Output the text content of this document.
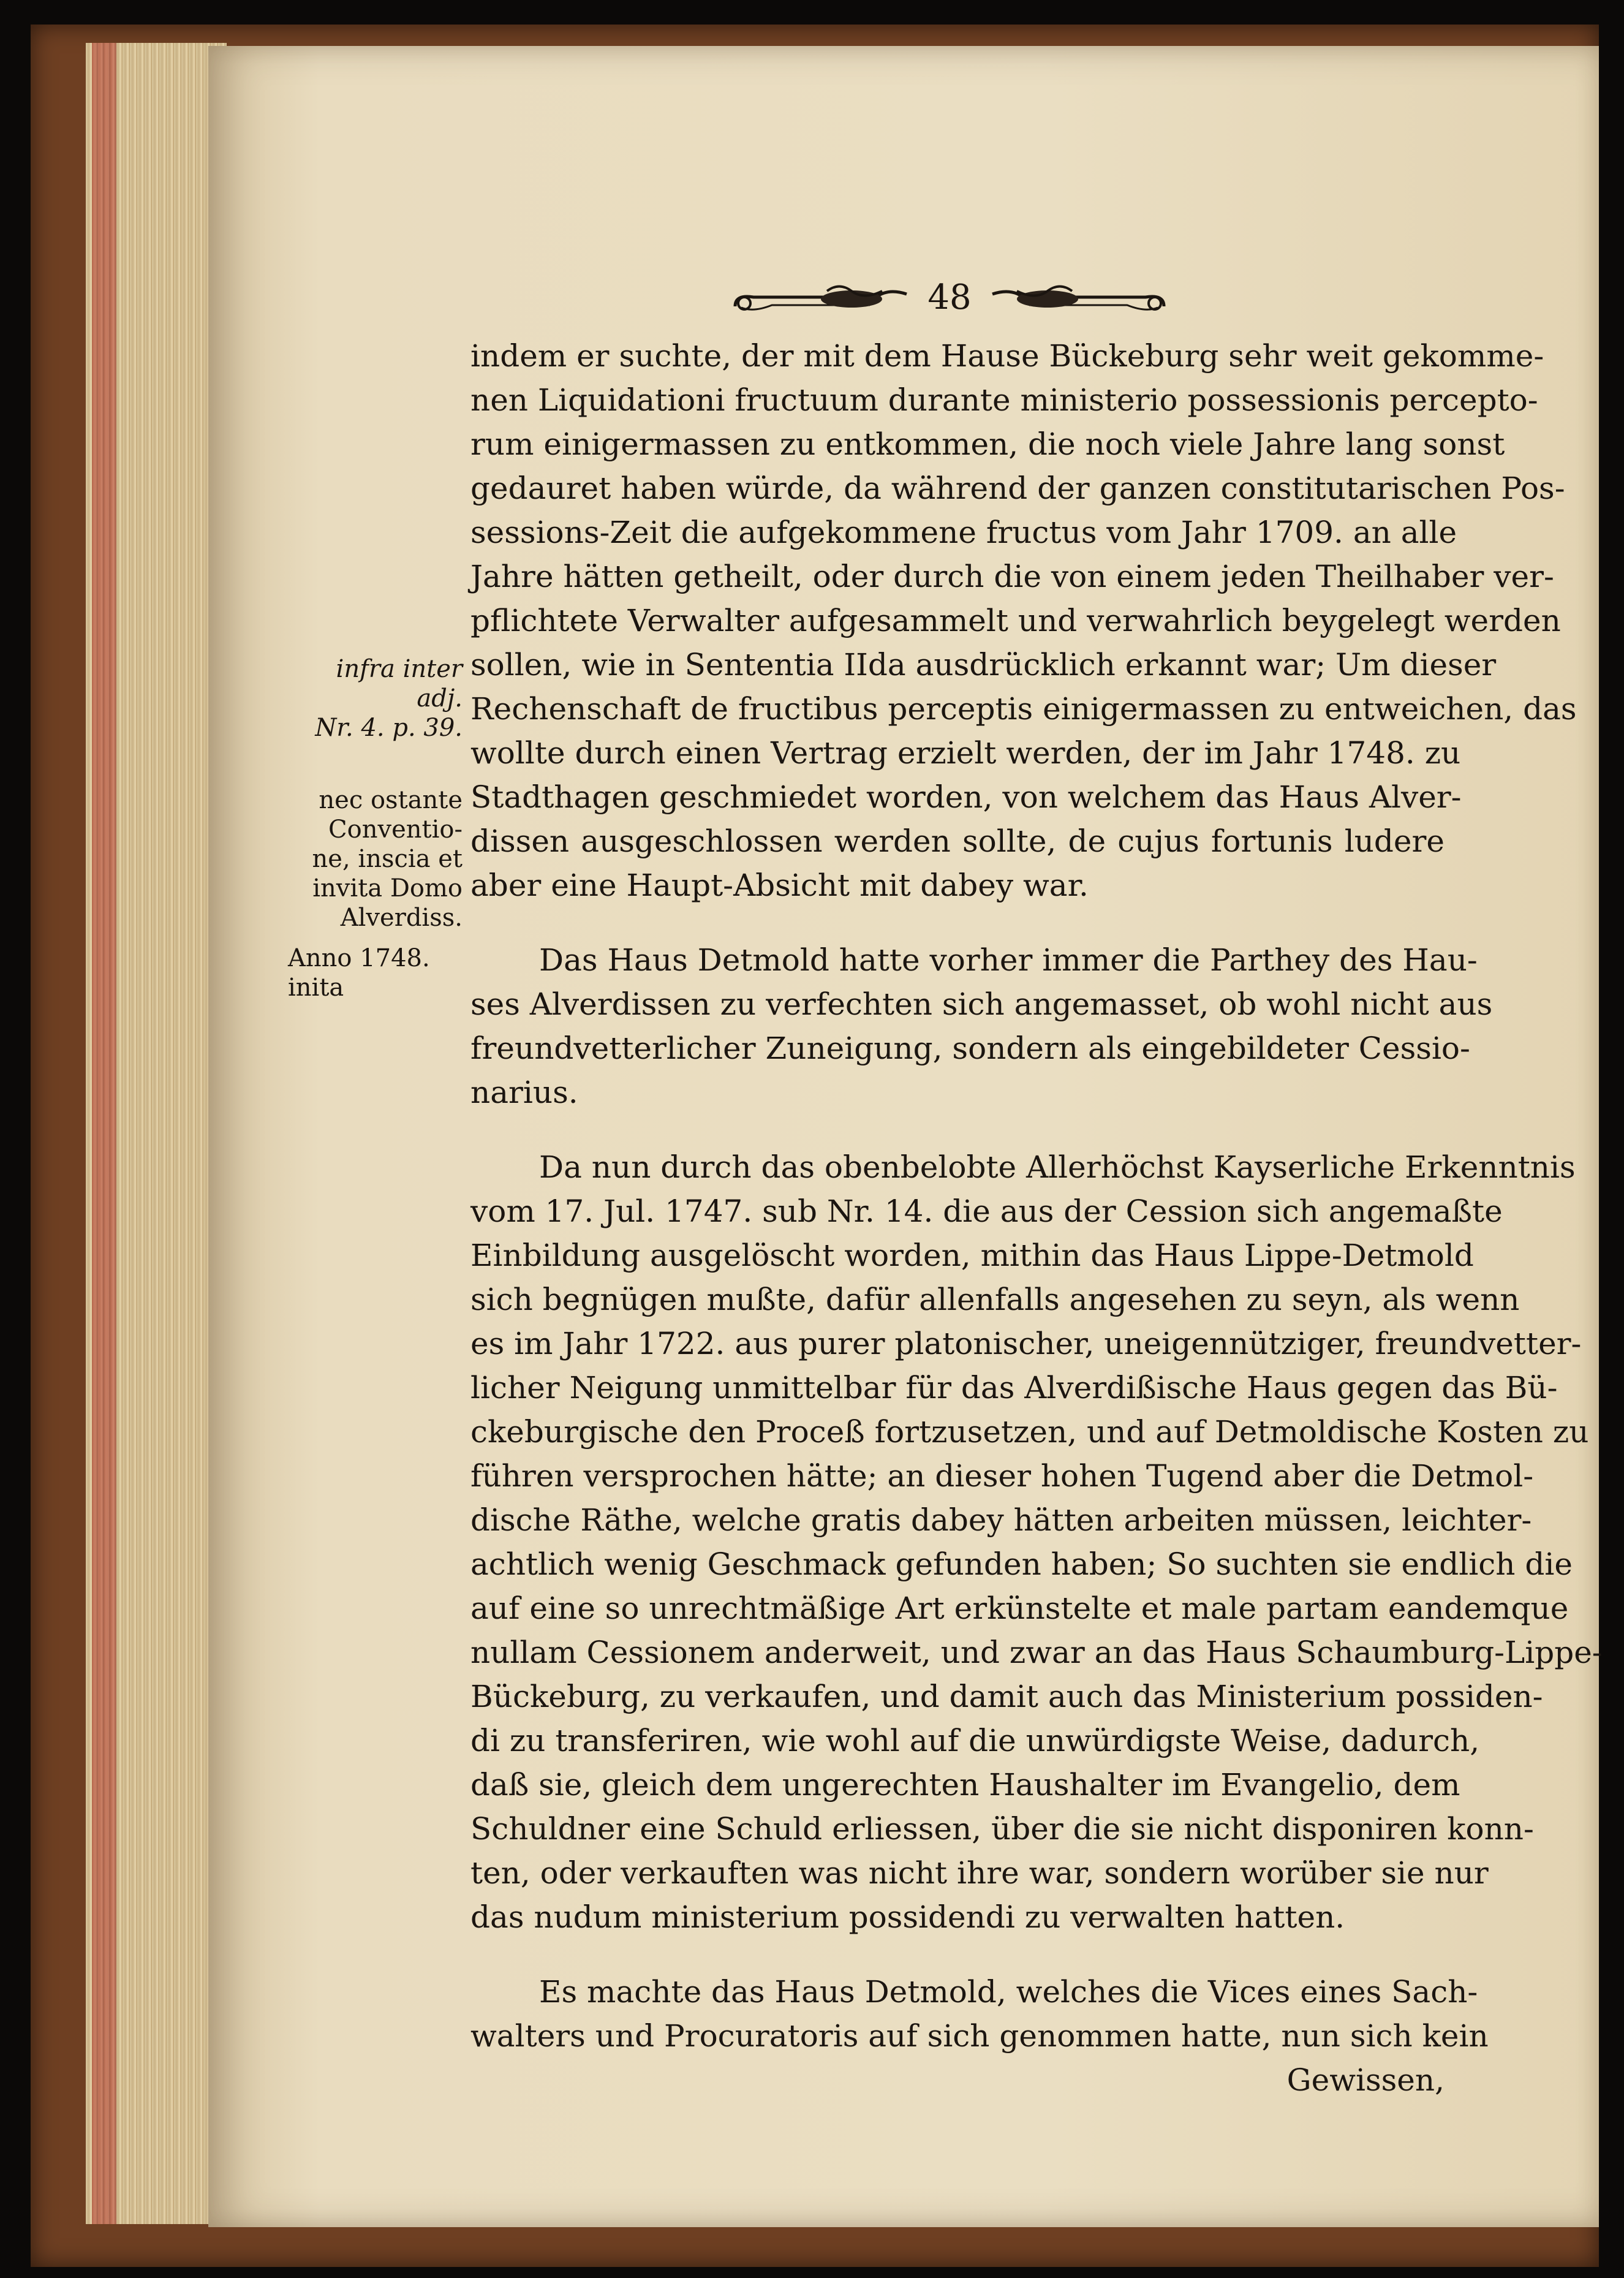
48
infra inter adj.
Nr. 4. p. 39.
nec ostante
Conventio-
ne, inscia et
invita Domo
Alverdiss.
Anno 1748.
inita
indem er suchte, der mit dem Hause Bückeburg sehr weit gekomme-
nen Liquidationi fructuum durante ministerio possessionis percepto-
rum einigermassen zu entkommen, die noch viele Jahre lang sonst
gedauret haben würde, da während der ganzen constitutarischen Pos-
sessions-Zeit die aufgekommene fructus vom Jahr 1709. an alle
Jahre hätten getheilt, oder durch die von einem jeden Theilhaber ver-
pflichtete Verwalter aufgesammelt und verwahrlich beygelegt werden
sollen, wie in Sententia IIda ausdrücklich erkannt war; Um dieser
Rechenschaft de fructibus perceptis einigermassen zu entweichen, das
wollte durch einen Vertrag erzielt werden, der im Jahr 1748. zu
Stadthagen geschmiedet worden, von welchem das Haus Alver-
dissen ausgeschlossen werden sollte, de cujus fortunis ludere
aber eine Haupt-Absicht mit dabey war.
Das Haus Detmold hatte vorher immer die Parthey des Hau-
ses Alverdissen zu verfechten sich angemasset, ob wohl nicht aus
freundvetterlicher Zuneigung, sondern als eingebildeter Cessio-
narius.
Da nun durch das obenbelobte Allerhöchst Kayserliche Erkenntnis
vom 17. Jul. 1747. sub Nr. 14. die aus der Cession sich angemaßte
Einbildung ausgelöscht worden, mithin das Haus Lippe-Detmold
sich begnügen mußte, dafür allenfalls angesehen zu seyn, als wenn
es im Jahr 1722. aus purer platonischer, uneigennütziger, freundvetter-
licher Neigung unmittelbar für das Alverdißische Haus gegen das Bü-
ckeburgische den Proceß fortzusetzen, und auf Detmoldische Kosten zu
führen versprochen hätte; an dieser hohen Tugend aber die Detmol-
dische Räthe, welche gratis dabey hätten arbeiten müssen, leichter-
achtlich wenig Geschmack gefunden haben; So suchten sie endlich die
auf eine so unrechtmäßige Art erkünstelte et male partam eandemque
nullam Cessionem anderweit, und zwar an das Haus Schaumburg-Lippe-
Bückeburg, zu verkaufen, und damit auch das Ministerium possiden-
di zu transferiren, wie wohl auf die unwürdigste Weise, dadurch,
daß sie, gleich dem ungerechten Haushalter im Evangelio, dem
Schuldner eine Schuld erliessen, über die sie nicht disponiren konn-
ten, oder verkauften was nicht ihre war, sondern worüber sie nur
das nudum ministerium possidendi zu verwalten hatten.
Es machte das Haus Detmold, welches die Vices eines Sach-
walters und Procuratoris auf sich genommen hatte, nun sich kein
Gewissen,
